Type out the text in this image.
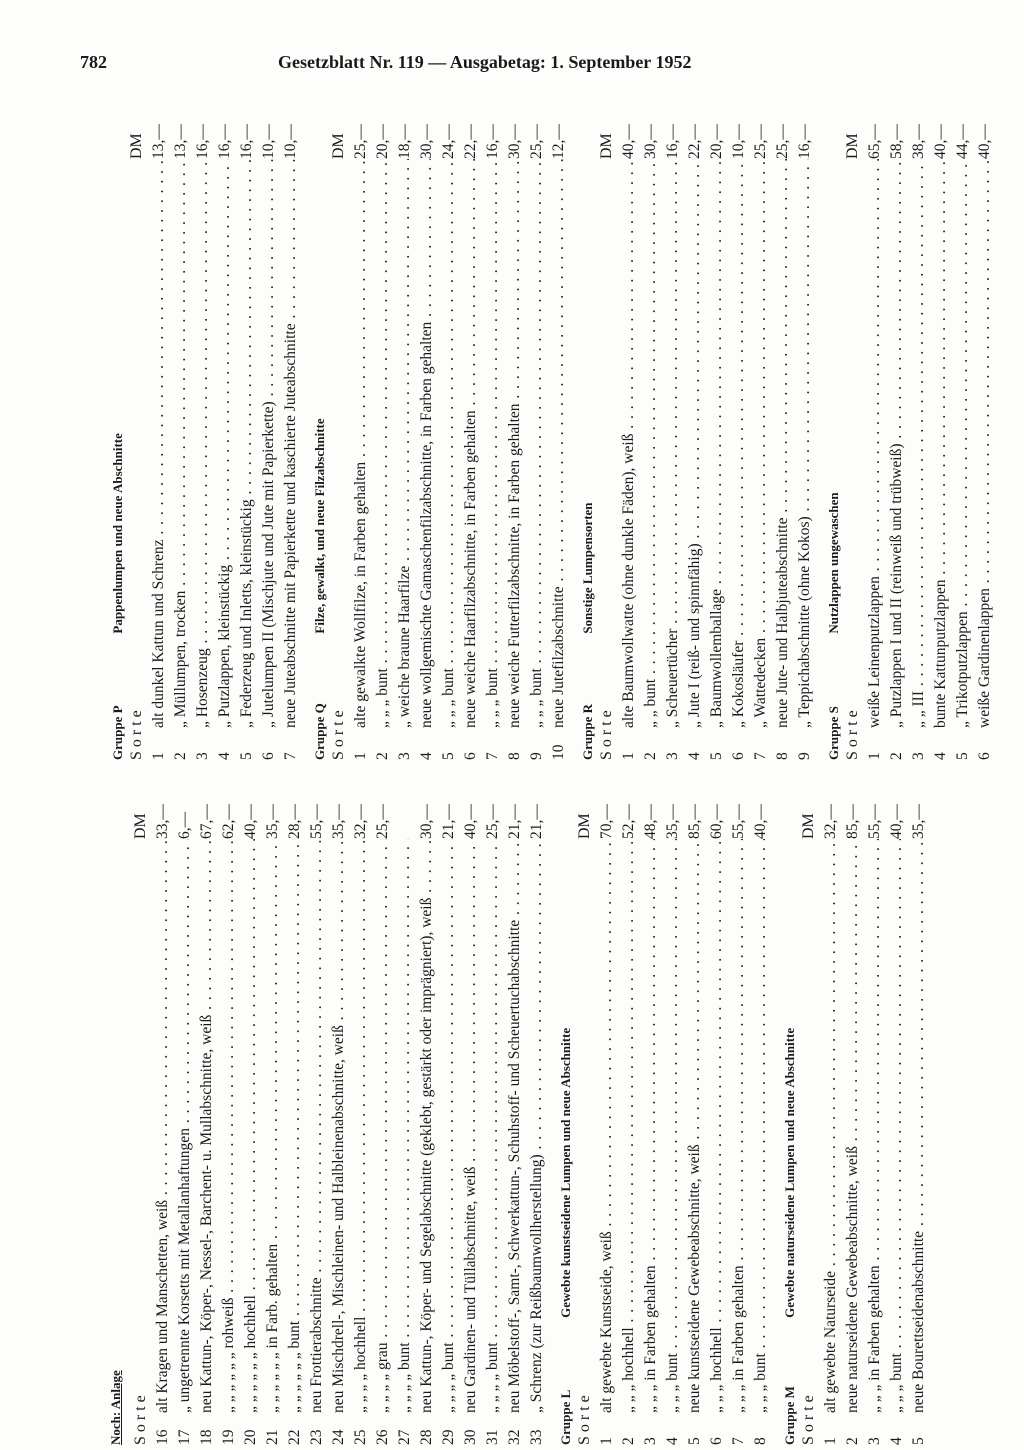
782	Gesetzblatt Nr. 119 — Ausgabetag: 1. September 1952
Noch: Anlage Sorte
DM
16
alt Kragen und Manschetten, weiß . . .
33,—
17
„ ungetrennte Korsetts mit Metallanhaftungen . . .
6,—
18
neu Kattun-, Köper-, Nessel-, Barchent- u. Mullabschnitte, weiß . . .
67,—
19
„ „ „ „ „ „ rohweiß . . .
62,—
20
„ „ „ „ „ „ hochhell . . .
40,—
21
„ „ „ „ „ „ in Farb. gehalten . . .
35,—
22
„ „ „ „ „ „ bunt . . .
28,—
23
neu Frottierabschnitte . . .
55,—
24
neu Mischdrell-, Mischleinen- und Halbleinenabschnitte, weiß . . .
35,—
25
„ „ „ „ hochhell . . .
32,—
26
„ „ „ „ grau . . .
25,—
27
„ „ „ „ bunt . . .
28
neu Kattun-, Köper- und Segelabschnitte (geklebt, gestärkt oder imprägniert), weiß . . .
30,—
29
„ „ „ „ bunt . . .
21,—
30
neu Gardinen- und Tüllabschnitte, weiß . . .
40,—
31
„ „ „ „ bunt . . .
25,—
32
neu Möbelstoff-, Samt-, Schwerkattun-, Schuhstoff- und Scheuertuchabschnitte . . .
21,—
33
„ Schrenz (zur Reißbaumwollherstellung) . . .
21,—
Gruppe L
Gewebte kunstseidene Lumpen und neue Abschnitte
Sorte
DM
1
alt gewebte Kunstseide, weiß . . .
70,—
2
„ „ „ hochhell . . .
52,—
3
„ „ „ in Farben gehalten . . .
48,—
4
„ „ „ bunt . . .
35,—
5
neue kunstseidene Gewebeabschnitte, weiß . . .
85,—
6
„ „ „ hochhell . . .
60,—
7
„ „ „ in Farben gehalten . . .
55,—
8
„ „ „ bunt . . .
40,—
Gruppe M
Gewebte naturseidene Lumpen und neue Abschnitte
Sorte
DM
1
alt gewebte Naturseide . . .
32,—
2
neue naturseidene Gewebeabschnitte, weiß . . .
85,—
3
„ „ „ in Farben gehalten . . .
55,—
4
„ „ „ bunt . . .
40,—
5
neue Bourettseidenabschnitte . . .
35,—
Gruppe P
Pappenlumpen und neue Abschnitte
Sorte
DM
1
alt dunkel Kattun und Schrenz . . .
13,—
2
„ Müllumpen, trocken . . .
13,—
3
„ Hosenzeug . . .
16,—
4
„ Putzlappen, kleinstückig . . .
16,—
5
„ Federzeug und Inletts, kleinstückig . . .
16,—
6
„ Jutelumpen II (Mischjute und Jute mit Papierkette) . . .
10,—
7
neue Juteabschnitte mit Papierkette und kaschierte Juteabschnitte . . .
10,—
Gruppe Q
Filze, gewalkt, und neue Filzabschnitte
Sorte
DM
1
alte gewalkte Wollfilze, in Farben gehalten . . .
25,—
2
„ „ „ bunt . . .
20,—
3
„ weiche braune Haarfilze . . .
18,—
4
neue wollgemischte Gamaschenfilzabschnitte, in Farben gehalten . . .
30,—
5
„ „ „ bunt . . .
24,—
6
neue weiche Haarfilzabschnitte, in Farben gehalten . . .
22,—
7
„ „ „ bunt . . .
16,—
8
neue weiche Futterfilzabschnitte, in Farben gehalten . . .
30,—
9
„ „ „ bunt . . .
25,—
10
neue Jutefilzabschnitte . . .
12,—
Gruppe R
Sonstige Lumpensorten
Sorte
DM
1
alte Baumwollwatte (ohne dunkle Fäden), weiß . . .
40,—
2
„ „ bunt . . .
30,—
3
„ Scheuertücher . . .
16,—
4
„ Jute I (reiß- und spinnfähig) . . .
22,—
5
„ Baumwollemballage . . .
20,—
6
„ Kokosläufer . . .
10,—
7
„ Wattedecken . . .
25,—
8
neue Jute- und Halbjuteabschnitte . . .
25,—
9
„ Teppichabschnitte (ohne Kokos) . . .
16,—
Gruppe S
Nutzlappen ungewaschen
Sorte
DM
1
weiße Leinenputzlappen . . .
65,—
2
„ Putzlappen I und II (reinweiß und trübweiß) . . .
58,—
3
„ „ III . . .
38,—
4
bunte Kattunputzlappen . . .
40,—
5
„ Trikotputzlappen . . .
44,—
6
weiße Gardinenlappen . . .
40,—
